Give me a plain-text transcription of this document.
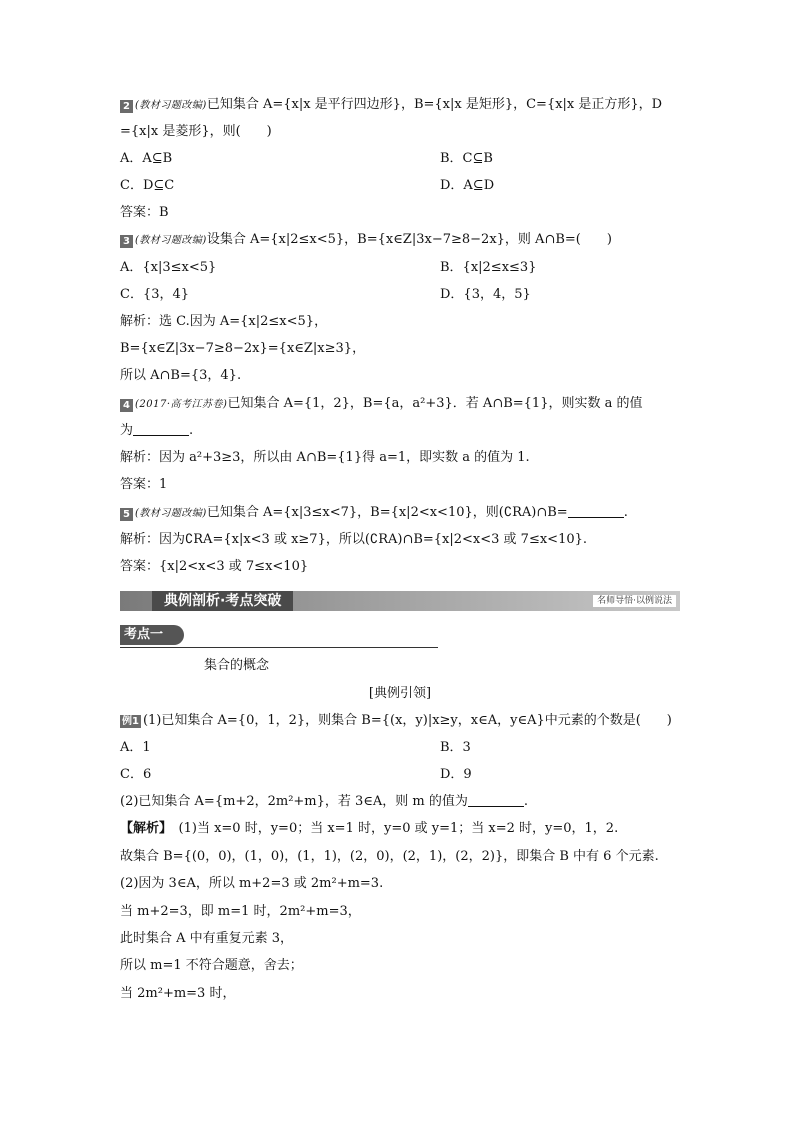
2 (教材习题改编)已知集合 A={x|x 是平行四边形}，B={x|x 是矩形}，C={x|x 是正方形}，D
={x|x 是菱形}，则(　　)
A．A⊆B	B．C⊆B
C．D⊆C	D．A⊆D
答案：B
3 (教材习题改编)设集合 A={x|2≤x<5}，B={x∈Z|3x−7≥8−2x}，则 A∩B=(　　)
A．{x|3≤x<5}	B．{x|2≤x≤3}
C．{3，4}	D．{3，4，5}
解析：选 C.因为 A={x|2≤x<5}，
B={x∈Z|3x−7≥8−2x}={x∈Z|x≥3}，
所以 A∩B={3，4}.
4 (2017·高考江苏卷)已知集合 A={1，2}，B={a，a²+3}．若 A∩B={1}，则实数 a 的值
为	.
解析：因为 a²+3≥3，所以由 A∩B={1}得 a=1，即实数 a 的值为 1.
答案：1
5 (教材习题改编)已知集合 A={x|3≤x<7}，B={x|2<x<10}，则(∁RA)∩B=	.
解析：因为∁RA={x|x<3 或 x≥7}，所以(∁RA)∩B={x|2<x<3 或 7≤x<10}.
答案：{x|2<x<3 或 7≤x<10}
典例剖析·考点突破	名师导悟·以例说法
考点一
集合的概念
[典例引领]
例1 (1)已知集合 A={0，1，2}，则集合 B={(x，y)|x≥y，x∈A，y∈A}中元素的个数是(　　)
A．1	B．3
C．6	D．9
(2)已知集合 A={m+2，2m²+m}，若 3∈A，则 m 的值为	.
【解析】　 (1)当 x=0 时，y=0；当 x=1 时，y=0 或 y=1；当 x=2 时，y=0，1，2.
故集合 B={(0，0)，(1，0)，(1，1)，(2，0)，(2，1)，(2，2)}，即集合 B 中有 6 个元素.
(2)因为 3∈A，所以 m+2=3 或 2m²+m=3.
当 m+2=3，即 m=1 时，2m²+m=3，
此时集合 A 中有重复元素 3，
所以 m=1 不符合题意，舍去；
当 2m²+m=3 时，
